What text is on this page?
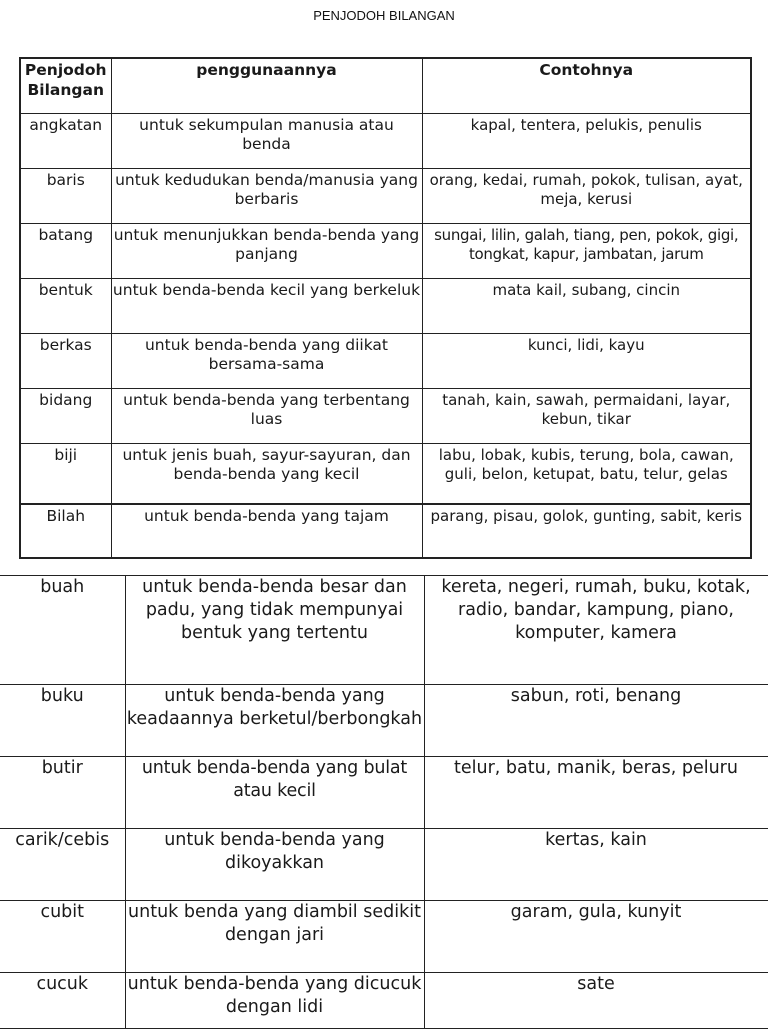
PENJODOH BILANGAN
Penjodoh Bilangan	penggunaannya	Contohnya
angkatan	untuk sekumpulan manusia atau benda	kapal, tentera, pelukis, penulis
baris	untuk kedudukan benda/manusia yang berbaris	orang, kedai, rumah, pokok, tulisan, ayat, meja, kerusi
batang	untuk menunjukkan benda-benda yang panjang	sungai, lilin, galah, tiang, pen, pokok, gigi, tongkat, kapur, jambatan, jarum
bentuk	untuk benda-benda kecil yang berkeluk	mata kail, subang, cincin
berkas	untuk benda-benda yang diikat bersama-sama	kunci, lidi, kayu
bidang	untuk benda-benda yang terbentang luas	tanah, kain, sawah, permaidani, layar, kebun, tikar
biji	untuk jenis buah, sayur-sayuran, dan benda-benda yang kecil	labu, lobak, kubis, terung, bola, cawan, guli, belon, ketupat, batu, telur, gelas
Bilah	untuk benda-benda yang tajam	parang, pisau, golok, gunting, sabit, keris
buah	untuk benda-benda besar dan padu, yang tidak mempunyai bentuk yang tertentu	kereta, negeri, rumah, buku, kotak, radio, bandar, kampung, piano, komputer, kamera
buku	untuk benda-benda yang keadaannya berketul/berbongkah	sabun, roti, benang
butir	untuk benda-benda yang bulat atau kecil	telur, batu, manik, beras, peluru
carik/cebis	untuk benda-benda yang dikoyakkan	kertas, kain
cubit	untuk benda yang diambil sedikit dengan jari	garam, gula, kunyit
cucuk	untuk benda-benda yang dicucuk dengan lidi	sate
